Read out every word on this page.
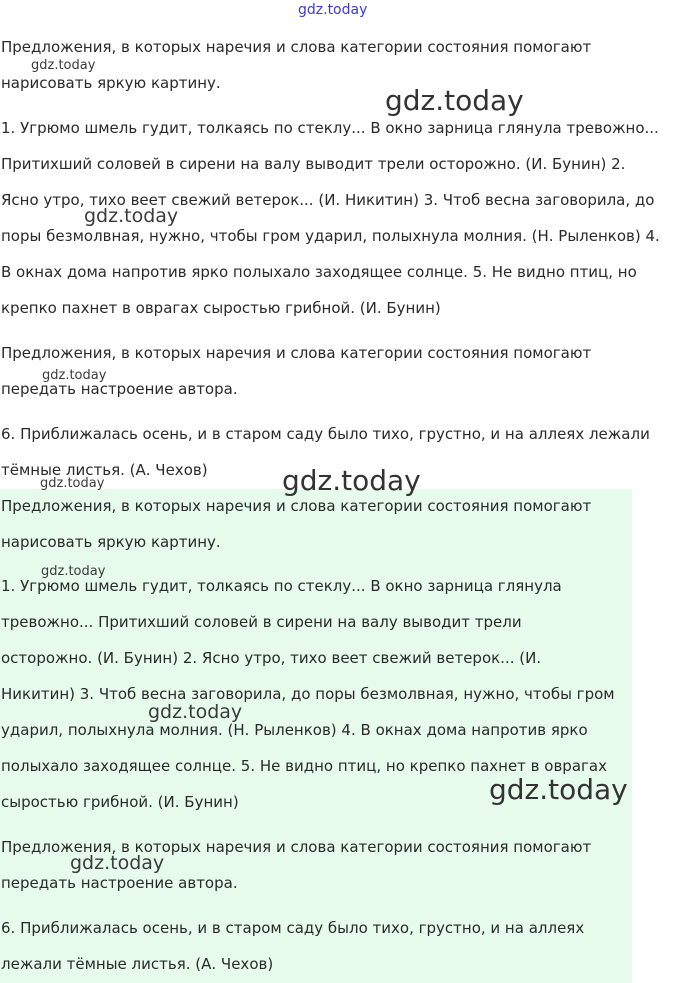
gdz.today

Предложения, в которых наречия и слова категории состояния помогают нарисовать яркую картину.

1. Угрюмо шмель гудит, толкаясь по стеклу... В окно зарница глянула тревожно... Притихший соловей в сирени на валу выводит трели осторожно. (И. Бунин) 2. Ясно утро, тихо веет свежий ветерок... (И. Никитин) 3. Чтоб весна заговорила, до поры безмолвная, нужно, чтобы гром ударил, полыхнула молния. (Н. Рыленков) 4. В окнах дома напротив ярко полыхало заходящее солнце. 5. Не видно птиц, но крепко пахнет в оврагах сыростью грибной. (И. Бунин)

Предложения, в которых наречия и слова категории состояния помогают передать настроение автора.

6. Приближалась осень, и в старом саду было тихо, грустно, и на аллеях лежали тёмные листья. (А. Чехов)

Предложения, в которых наречия и слова категории состояния помогают нарисовать яркую картину.

1. Угрюмо шмель гудит, толкаясь по стеклу... В окно зарница глянула тревожно... Притихший соловей в сирени на валу выводит трели осторожно. (И. Бунин) 2. Ясно утро, тихо веет свежий ветерок... (И. Никитин) 3. Чтоб весна заговорила, до поры безмолвная, нужно, чтобы гром ударил, полыхнула молния. (Н. Рыленков) 4. В окнах дома напротив ярко полыхало заходящее солнце. 5. Не видно птиц, но крепко пахнет в оврагах сыростью грибной. (И. Бунин)

Предложения, в которых наречия и слова категории состояния помогают передать настроение автора.

6. Приближалась осень, и в старом саду было тихо, грустно, и на аллеях лежали тёмные листья. (А. Чехов)

gdz.today
gdz.today
gdz.today
gdz.today
gdz.today
gdz.today
gdz.today
gdz.today
gdz.today
gdz.today
